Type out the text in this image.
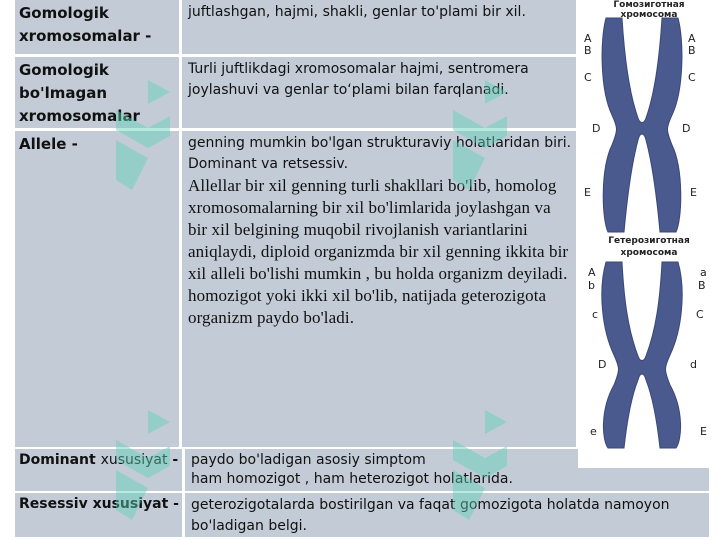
Gomologik xromosomalar -
juftlashgan, hajmi, shakli, genlar to'plami bir xil.
Gomologik bo'lmagan xromosomalar
Turli juftlikdagi xromosomalar hajmi, sentromera joylashuvi va genlar to‘plami bilan farqlanadi.
Allele -	genning mumkin bo'lgan strukturaviy holatlaridan biri. Dominant va retsessiv.
Allellar bir xil genning turli shakllari bo'lib, homolog xromosomalarning bir xil bo'limlarida joylashgan va bir xil belgining muqobil rivojlanish variantlarini aniqlaydi, diploid organizmda bir xil genning ikkita bir xil alleli bo'lishi mumkin , bu holda organizm deyiladi. homozigot yoki ikki xil bo'lib, natijada geterozigota organizm paydo bo'ladi.
Dominant xususiyat - paydo bo'ladigan asosiy simptom
ham homozigot , ham heterozigot holatlarida.
Resessiv xususiyat - geterozigotalarda bostirilgan va faqat gomozigota holatda namoyon bo'ladigan belgi.
Гомозиготная
хромосома
Гетерозиготная
хромосома
A
B
C
D
E
A
B
C
D
E
A
b
c
D
e
a
B
C
d
E
